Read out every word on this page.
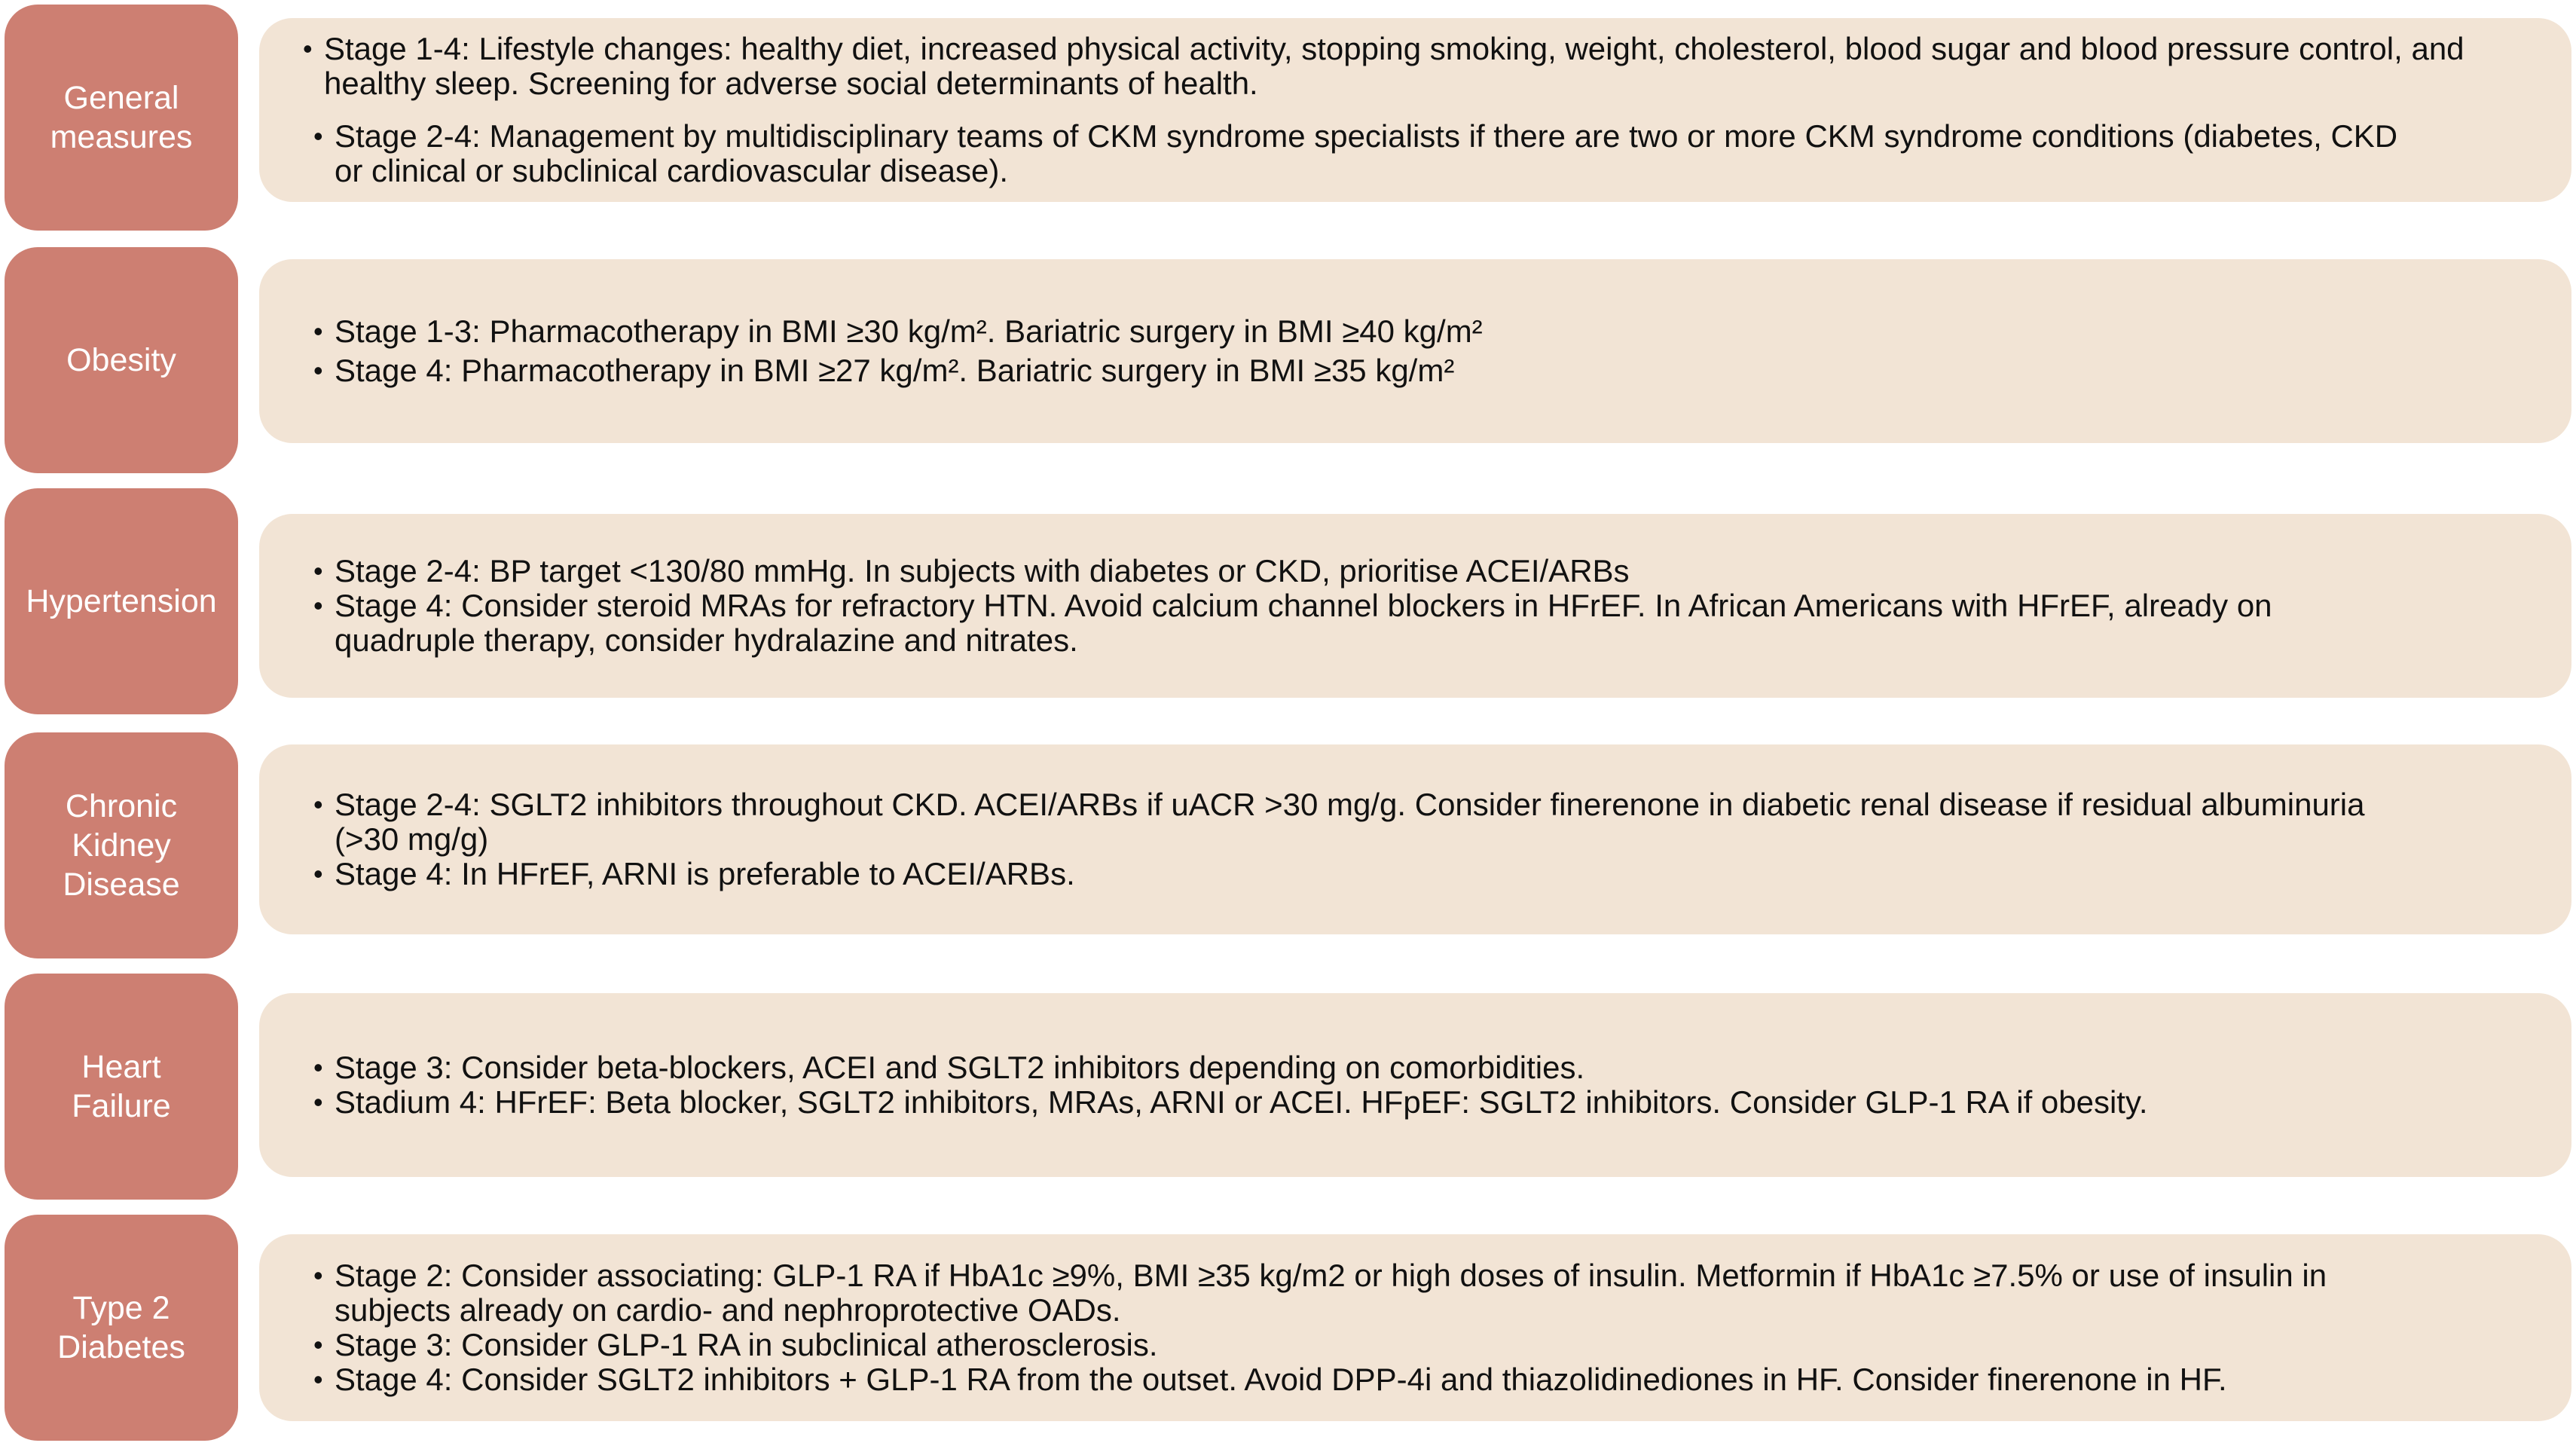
General
measures
• Stage 1-4: Lifestyle changes: healthy diet, increased physical activity, stopping smoking, weight, cholesterol, blood sugar and blood pressure control, and healthy sleep. Screening for adverse social determinants of health.
• Stage 2-4: Management by multidisciplinary teams of CKM syndrome specialists if there are two or more CKM syndrome conditions (diabetes, CKD or clinical or subclinical cardiovascular disease).
Obesity
• Stage 1-3: Pharmacotherapy in BMI ≥30 kg/m². Bariatric surgery in BMI ≥40 kg/m²
• Stage 4: Pharmacotherapy in BMI ≥27 kg/m². Bariatric surgery in BMI ≥35 kg/m²
Hypertension
• Stage 2-4: BP target <130/80 mmHg. In subjects with diabetes or CKD, prioritise ACEI/ARBs
• Stage 4: Consider steroid MRAs for refractory HTN. Avoid calcium channel blockers in HFrEF. In African Americans with HFrEF, already on quadruple therapy, consider hydralazine and nitrates.
Chronic
Kidney
Disease
• Stage 2-4: SGLT2 inhibitors throughout CKD. ACEI/ARBs if uACR >30 mg/g. Consider finerenone in diabetic renal disease if residual albuminuria (>30 mg/g)
• Stage 4: In HFrEF, ARNI is preferable to ACEI/ARBs.
Heart
Failure
• Stage 3: Consider beta-blockers, ACEI and SGLT2 inhibitors depending on comorbidities.
• Stadium 4: HFrEF: Beta blocker, SGLT2 inhibitors, MRAs, ARNI or ACEI. HFpEF: SGLT2 inhibitors. Consider GLP-1 RA if obesity.
Type 2
Diabetes
• Stage 2: Consider associating: GLP-1 RA if HbA1c ≥9%, BMI ≥35 kg/m2 or high doses of insulin. Metformin if HbA1c ≥7.5% or use of insulin in subjects already on cardio- and nephroprotective OADs.
• Stage 3: Consider GLP-1 RA in subclinical atherosclerosis.
• Stage 4: Consider SGLT2 inhibitors + GLP-1 RA from the outset. Avoid DPP-4i and thiazolidinediones in HF. Consider finerenone in HF.
